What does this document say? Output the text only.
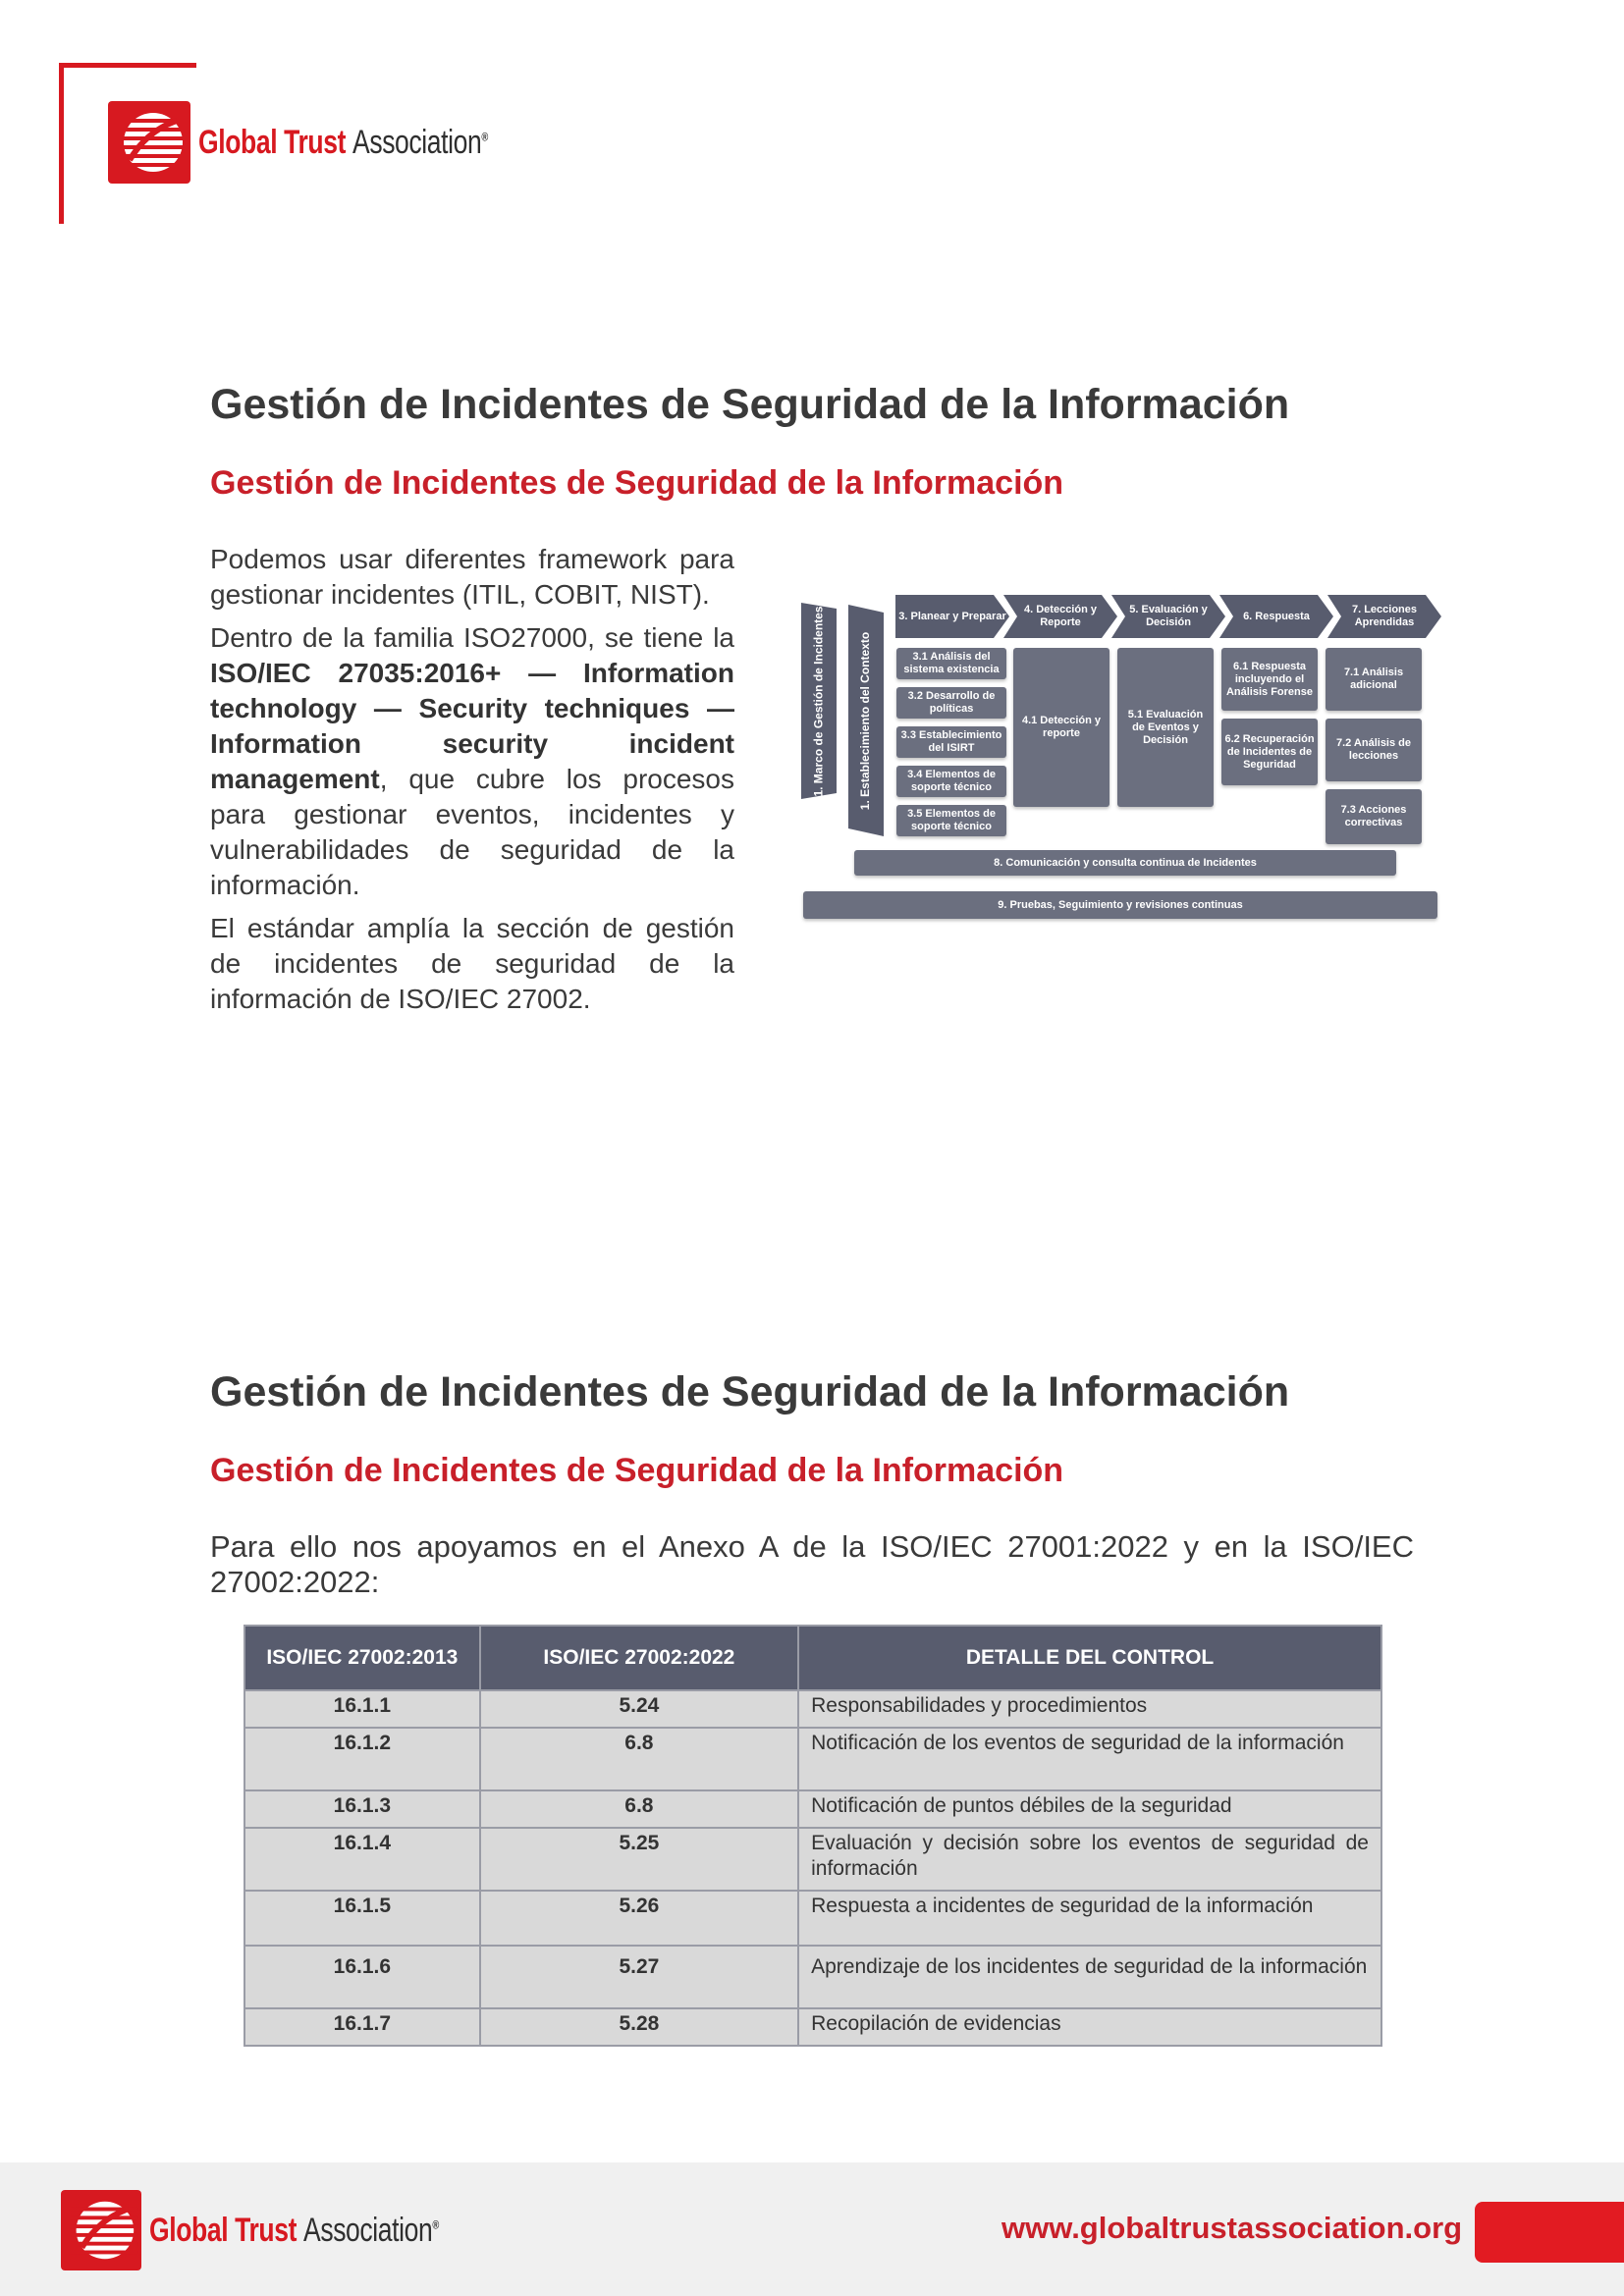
Global Trust Association®
Gestión de Incidentes de Seguridad de la Información
Gestión de Incidentes de Seguridad de la Información

Podemos usar diferentes framework para gestionar incidentes (ITIL, COBIT, NIST).

Dentro de la familia ISO27000, se tiene la ISO/IEC 27035:2016+ — Information technology — Security techniques — Information security incident management, que cubre los procesos para gestionar eventos, incidentes y vulnerabilidades de seguridad de la información.

El estándar amplía la sección de gestión de incidentes de seguridad de la información de ISO/IEC 27002.

1. Marco de Gestión de Incidentes	1. Establecimiento del Contexto
3. Planear y Preparar
4. Detección y Reporte
5. Evaluación y Decisión
6. Respuesta
7. Lecciones Aprendidas
3.1 Análisis del sistema existencia
3.2 Desarrollo de políticas
3.3 Establecimiento del ISIRT
3.4 Elementos de soporte técnico
3.5 Elementos de soporte técnico
4.1 Detección y reporte
5.1 Evaluación de Eventos y Decisión
6.1 Respuesta incluyendo el Análisis Forense
6.2 Recuperación de Incidentes de Seguridad
7.1 Análisis adicional
7.2 Análisis de lecciones
7.3 Acciones correctivas
8. Comunicación y consulta continua de Incidentes
9. Pruebas, Seguimiento y revisiones continuas
Gestión de Incidentes de Seguridad de la Información
Gestión de Incidentes de Seguridad de la Información

Para ello nos apoyamos en el Anexo A de la ISO/IEC 27001:2022 y en la ISO/IEC 27002:2022:

ISO/IEC 27002:2013	ISO/IEC 27002:2022	DETALLE DEL CONTROL
16.1.1	5.24	Responsabilidades y procedimientos
16.1.2	6.8	Notificación de los eventos de seguridad de la información
16.1.3	6.8	Notificación de puntos débiles de la seguridad
16.1.4	5.25	Evaluación y decisión sobre los eventos de seguridad de información
16.1.5	5.26	Respuesta a incidentes de seguridad de la información
16.1.6	5.27	Aprendizaje de los incidentes de seguridad de la información
16.1.7	5.28	Recopilación de evidencias
Global Trust Association®	www.globaltrustassociation.org
